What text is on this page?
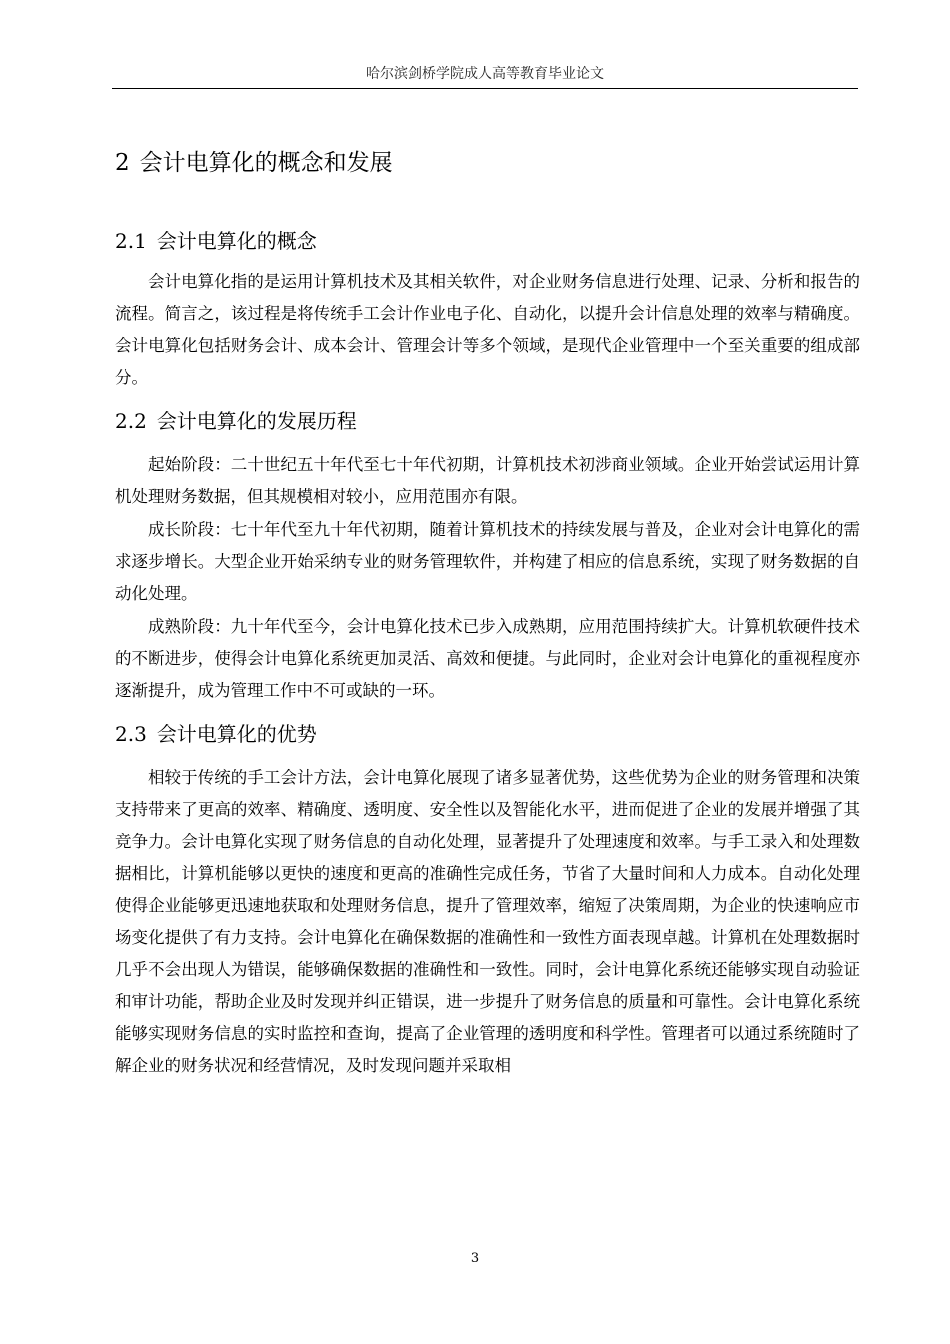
哈尔滨剑桥学院成人高等教育毕业论文
2 会计电算化的概念和发展
2.1 会计电算化的概念

会计电算化指的是运用计算机技术及其相关软件，对企业财务信息进行处理、记录、分析和报告的流程。简言之，该过程是将传统手工会计作业电子化、自动化，以提升会计信息处理的效率与精确度。会计电算化包括财务会计、成本会计、管理会计等多个领域，是现代企业管理中一个至关重要的组成部分。

2.2 会计电算化的发展历程

起始阶段：二十世纪五十年代至七十年代初期，计算机技术初涉商业领域。企业开始尝试运用计算机处理财务数据，但其规模相对较小，应用范围亦有限。

成长阶段：七十年代至九十年代初期，随着计算机技术的持续发展与普及，企业对会计电算化的需求逐步增长。大型企业开始采纳专业的财务管理软件，并构建了相应的信息系统，实现了财务数据的自动化处理。

成熟阶段：九十年代至今，会计电算化技术已步入成熟期，应用范围持续扩大。计算机软硬件技术的不断进步，使得会计电算化系统更加灵活、高效和便捷。与此同时，企业对会计电算化的重视程度亦逐渐提升，成为管理工作中不可或缺的一环。

2.3 会计电算化的优势

相较于传统的手工会计方法，会计电算化展现了诸多显著优势，这些优势为企业的财务管理和决策支持带来了更高的效率、精确度、透明度、安全性以及智能化水平，进而促进了企业的发展并增强了其竞争力。会计电算化实现了财务信息的自动化处理，显著提升了处理速度和效率。与手工录入和处理数据相比，计算机能够以更快的速度和更高的准确性完成任务，节省了大量时间和人力成本。自动化处理使得企业能够更迅速地获取和处理财务信息，提升了管理效率，缩短了决策周期，为企业的快速响应市场变化提供了有力支持。会计电算化在确保数据的准确性和一致性方面表现卓越。计算机在处理数据时几乎不会出现人为错误，能够确保数据的准确性和一致性。同时，会计电算化系统还能够实现自动验证和审计功能，帮助企业及时发现并纠正错误，进一步提升了财务信息的质量和可靠性。会计电算化系统能够实现财务信息的实时监控和查询，提高了企业管理的透明度和科学性。管理者可以通过系统随时了解企业的财务状况和经营情况，及时发现问题并采取相

3
